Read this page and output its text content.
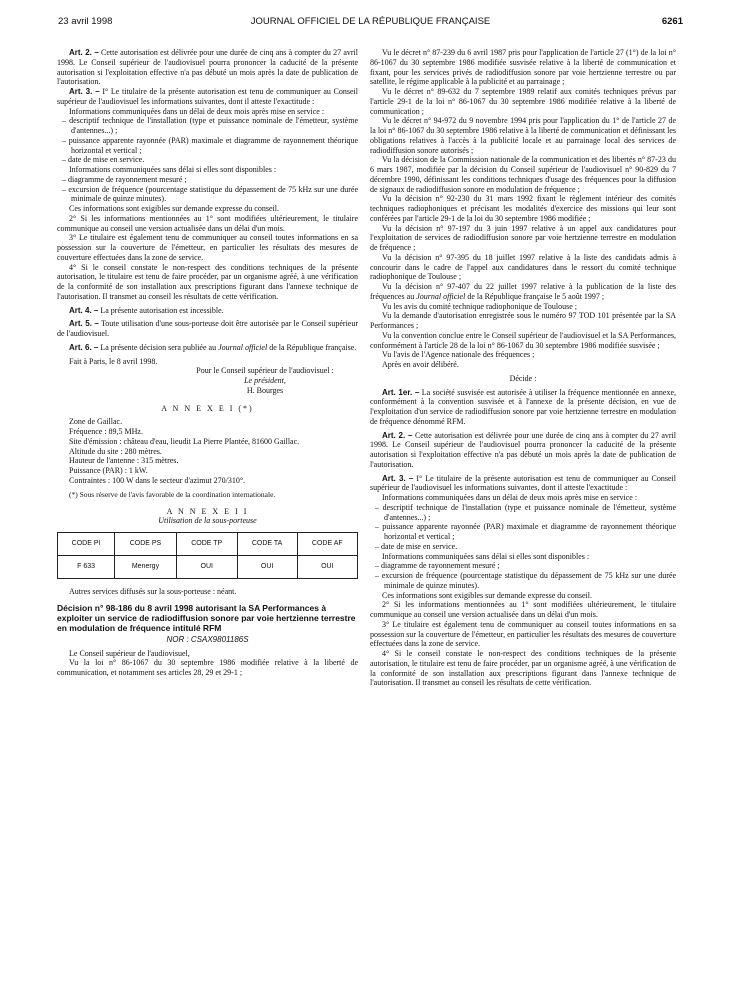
23 avril 1998	JOURNAL OFFICIEL DE LA RÉPUBLIQUE FRANÇAISE	6261

Art. 2. – Cette autorisation est délivrée pour une durée de cinq ans à compter du 27 avril 1998. Le Conseil supérieur de l'audiovisuel pourra prononcer la caducité de la présente autorisation si l'exploitation effective n'a pas débuté un mois après la date de publication de l'autorisation.

Art. 3. – I° Le titulaire de la présente autorisation est tenu de communiquer au Conseil supérieur de l'audiovisuel les informations suivantes, dont il atteste l'exactitude :

Informations communiquées dans un délai de deux mois après mise en service :

– descriptif technique de l'installation (type et puissance nominale de l'émetteur, système d'antennes...) ;

– puissance apparente rayonnée (PAR) maximale et diagramme de rayonnement théorique horizontal et vertical ;

– date de mise en service.

Informations communiquées sans délai si elles sont disponibles :

– diagramme de rayonnement mesuré ;

– excursion de fréquence (pourcentage statistique du dépassement de 75 kHz sur une durée minimale de quinze minutes).

Ces informations sont exigibles sur demande expresse du conseil.

2° Si les informations mentionnées au 1° sont modifiées ultérieurement, le titulaire communique au conseil une version actualisée dans un délai d'un mois.

3° Le titulaire est également tenu de communiquer au conseil toutes informations en sa possession sur la couverture de l'émetteur, en particulier les résultats des mesures de couverture effectuées dans la zone de service.

4° Si le conseil constate le non-respect des conditions techniques de la présente autorisation, le titulaire est tenu de faire procéder, par un organisme agréé, à une vérification de la conformité de son installation aux prescriptions figurant dans l'annexe technique de l'autorisation. Il transmet au conseil les résultats de cette vérification.

Art. 4. – La présente autorisation est incessible.

Art. 5. – Toute utilisation d'une sous-porteuse doit être autorisée par le Conseil supérieur de l'audiovisuel.

Art. 6. – La présente décision sera publiée au Journal officiel de la République française.

Fait à Paris, le 8 avril 1998.

Pour le Conseil supérieur de l'audiovisuel :

Le président,

H. Bourges

A N N E X E I (*)

Zone de Gaillac.

Fréquence : 89,5 MHz.

Site d'émission : château d'eau, lieudit La Pierre Plantée, 81600 Gaillac.

Altitude du site : 280 mètres.

Hauteur de l'antenne : 315 mètres.

Puissance (PAR) : 1 kW.

Contraintes : 100 W dans le secteur d'azimut 270/310°.

(*) Sous réserve de l'avis favorable de la coordination internationale.

A N N E X E I I

Utilisation de la sous-porteuse

CODE PI	CODE PS	CODE TP	CODE TA	CODE AF
F 633	Menergy	OUI	OUI	OUI

Autres services diffusés sur la sous-porteuse : néant.

Décision n° 98-186 du 8 avril 1998 autorisant la SA Performances à exploiter un service de radiodiffusion sonore par voie hertzienne terrestre en modulation de fréquence intitulé RFM

NOR : CSAX9801186S

Le Conseil supérieur de l'audiovisuel,

Vu la loi n° 86-1067 du 30 septembre 1986 modifiée relative à la liberté de communication, et notamment ses articles 28, 29 et 29-1 ;

Vu le décret n° 87-239 du 6 avril 1987 pris pour l'application de l'article 27 (1°) de la loi n° 86-1067 du 30 septembre 1986 modifiée susvisée relative à la liberté de communication et fixant, pour les services privés de radiodiffusion sonore par voie hertzienne terrestre ou par satellite, le régime applicable à la publicité et au parrainage ;

Vu le décret n° 89-632 du 7 septembre 1989 relatif aux comités techniques prévus par l'article 29-1 de la loi n° 86-1067 du 30 septembre 1986 modifiée relative à la liberté de communication ;

Vu le décret n° 94-972 du 9 novembre 1994 pris pour l'application du 1° de l'article 27 de la loi n° 86-1067 du 30 septembre 1986 relative à la liberté de communication et définissant les obligations relatives à l'accès à la publicité locale et au parrainage local des services de radiodiffusion sonore autorisés ;

Vu la décision de la Commission nationale de la communication et des libertés n° 87-23 du 6 mars 1987, modifiée par la décision du Conseil supérieur de l'audiovisuel n° 90-829 du 7 décembre 1990, définissant les conditions techniques d'usage des fréquences pour la diffusion de signaux de radiodiffusion sonore en modulation de fréquence ;

Vu la décision n° 92-230 du 31 mars 1992 fixant le règlement intérieur des comités techniques radiophoniques et précisant les modalités d'exercice des missions qui leur sont conférées par l'article 29-1 de la loi du 30 septembre 1986 modifiée ;

Vu la décision n° 97-197 du 3 juin 1997 relative à un appel aux candidatures pour l'exploitation de services de radiodiffusion sonore par voie hertzienne terrestre en modulation de fréquence ;

Vu la décision n° 97-395 du 18 juillet 1997 relative à la liste des candidats admis à concourir dans le cadre de l'appel aux candidatures dans le ressort du comité technique radiophonique de Toulouse ;

Vu la décision n° 97-407 du 22 juillet 1997 relative à la publication de la liste des fréquences au Journal officiel de la République française le 5 août 1997 ;

Vu les avis du comité technique radiophonique de Toulouse ;

Vu la demande d'autorisation enregistrée sous le numéro 97 TOD 101 présentée par la SA Performances ;

Vu la convention conclue entre le Conseil supérieur de l'audiovisuel et la SA Performances, conformément à l'article 28 de la loi n° 86-1067 du 30 septembre 1986 modifiée susvisée ;

Vu l'avis de l'Agence nationale des fréquences ;

Après en avoir délibéré.

Décide :

Art. 1er. – La société susvisée est autorisée à utiliser la fréquence mentionnée en annexe, conformément à la convention susvisée et à l'annexe de la présente décision, en vue de l'exploitation d'un service de radiodiffusion sonore par voie hertzienne terrestre en modulation de fréquence dénommé RFM.

Art. 2. – Cette autorisation est délivrée pour une durée de cinq ans à compter du 27 avril 1998. Le Conseil supérieur de l'audiovisuel pourra prononcer la caducité de la présente autorisation si l'exploitation effective n'a pas débuté un mois après la date de publication de l'autorisation.

Art. 3. – I° Le titulaire de la présente autorisation est tenu de communiquer au Conseil supérieur de l'audiovisuel les informations suivantes, dont il atteste l'exactitude :

Informations communiquées dans un délai de deux mois après mise en service :

– descriptif technique de l'installation (type et puissance nominale de l'émetteur, système d'antennes...) ;

– puissance apparente rayonnée (PAR) maximale et diagramme de rayonnement théorique horizontal et vertical ;

– date de mise en service.

Informations communiquées sans délai si elles sont disponibles :

– diagramme de rayonnement mesuré ;

– excursion de fréquence (pourcentage statistique du dépassement de 75 kHz sur une durée minimale de quinze minutes).

Ces informations sont exigibles sur demande expresse du conseil.

2° Si les informations mentionnées au 1° sont modifiées ultérieurement, le titulaire communique au conseil une version actualisée dans un délai d'un mois.

3° Le titulaire est également tenu de communiquer au conseil toutes informations en sa possession sur la couverture de l'émetteur, en particulier les résultats des mesures de couverture effectuées dans la zone de service.

4° Si le conseil constate le non-respect des conditions techniques de la présente autorisation, le titulaire est tenu de faire procéder, par un organisme agréé, à une vérification de la conformité de son installation aux prescriptions figurant dans l'annexe technique de l'autorisation. Il transmet au conseil les résultats de cette vérification.
